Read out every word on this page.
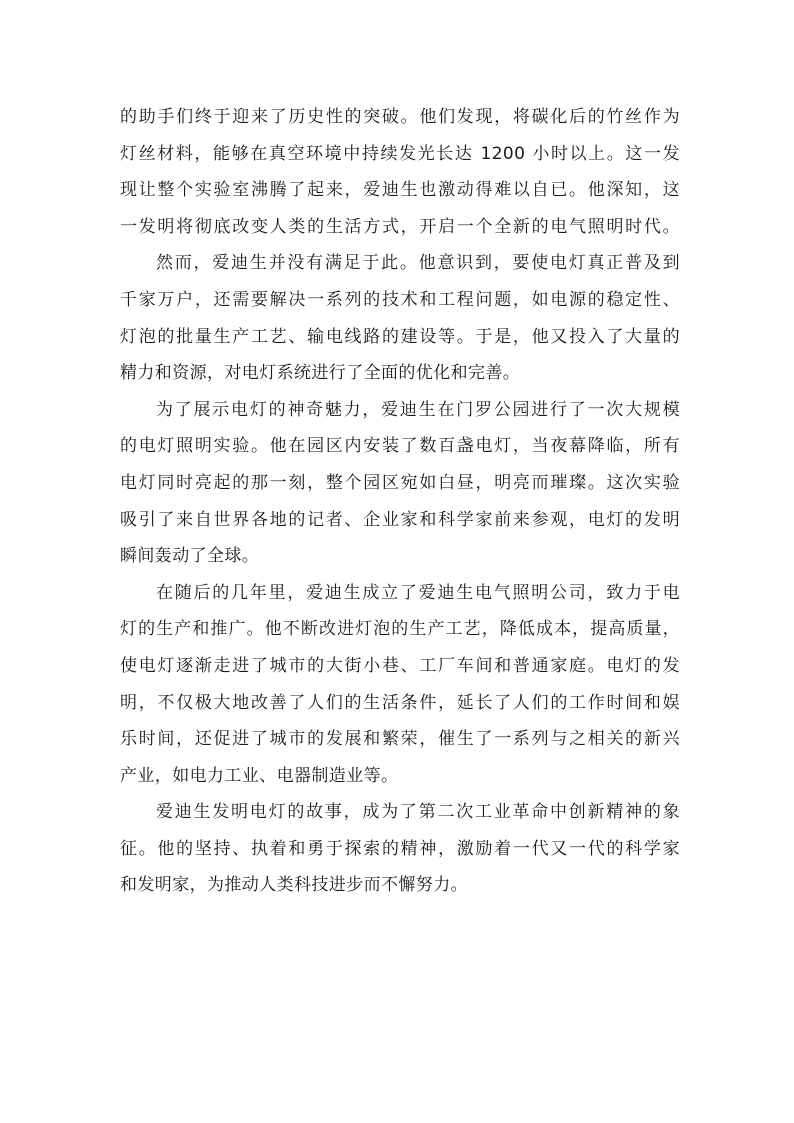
的助手们终于迎来了历史性的突破。他们发现，将碳化后的竹丝作为
灯丝材料，能够在真空环境中持续发光长达 1200 小时以上。这一发
现让整个实验室沸腾了起来，爱迪生也激动得难以自已。他深知，这
一发明将彻底改变人类的生活方式，开启一个全新的电气照明时代。
然而，爱迪生并没有满足于此。他意识到，要使电灯真正普及到
千家万户，还需要解决一系列的技术和工程问题，如电源的稳定性、
灯泡的批量生产工艺、输电线路的建设等。于是，他又投入了大量的
精力和资源，对电灯系统进行了全面的优化和完善。
为了展示电灯的神奇魅力，爱迪生在门罗公园进行了一次大规模
的电灯照明实验。他在园区内安装了数百盏电灯，当夜幕降临，所有
电灯同时亮起的那一刻，整个园区宛如白昼，明亮而璀璨。这次实验
吸引了来自世界各地的记者、企业家和科学家前来参观，电灯的发明
瞬间轰动了全球。
在随后的几年里，爱迪生成立了爱迪生电气照明公司，致力于电
灯的生产和推广。他不断改进灯泡的生产工艺，降低成本，提高质量，
使电灯逐渐走进了城市的大街小巷、工厂车间和普通家庭。电灯的发
明，不仅极大地改善了人们的生活条件，延长了人们的工作时间和娱
乐时间，还促进了城市的发展和繁荣，催生了一系列与之相关的新兴
产业，如电力工业、电器制造业等。
爱迪生发明电灯的故事，成为了第二次工业革命中创新精神的象
征。他的坚持、执着和勇于探索的精神，激励着一代又一代的科学家
和发明家，为推动人类科技进步而不懈努力。
